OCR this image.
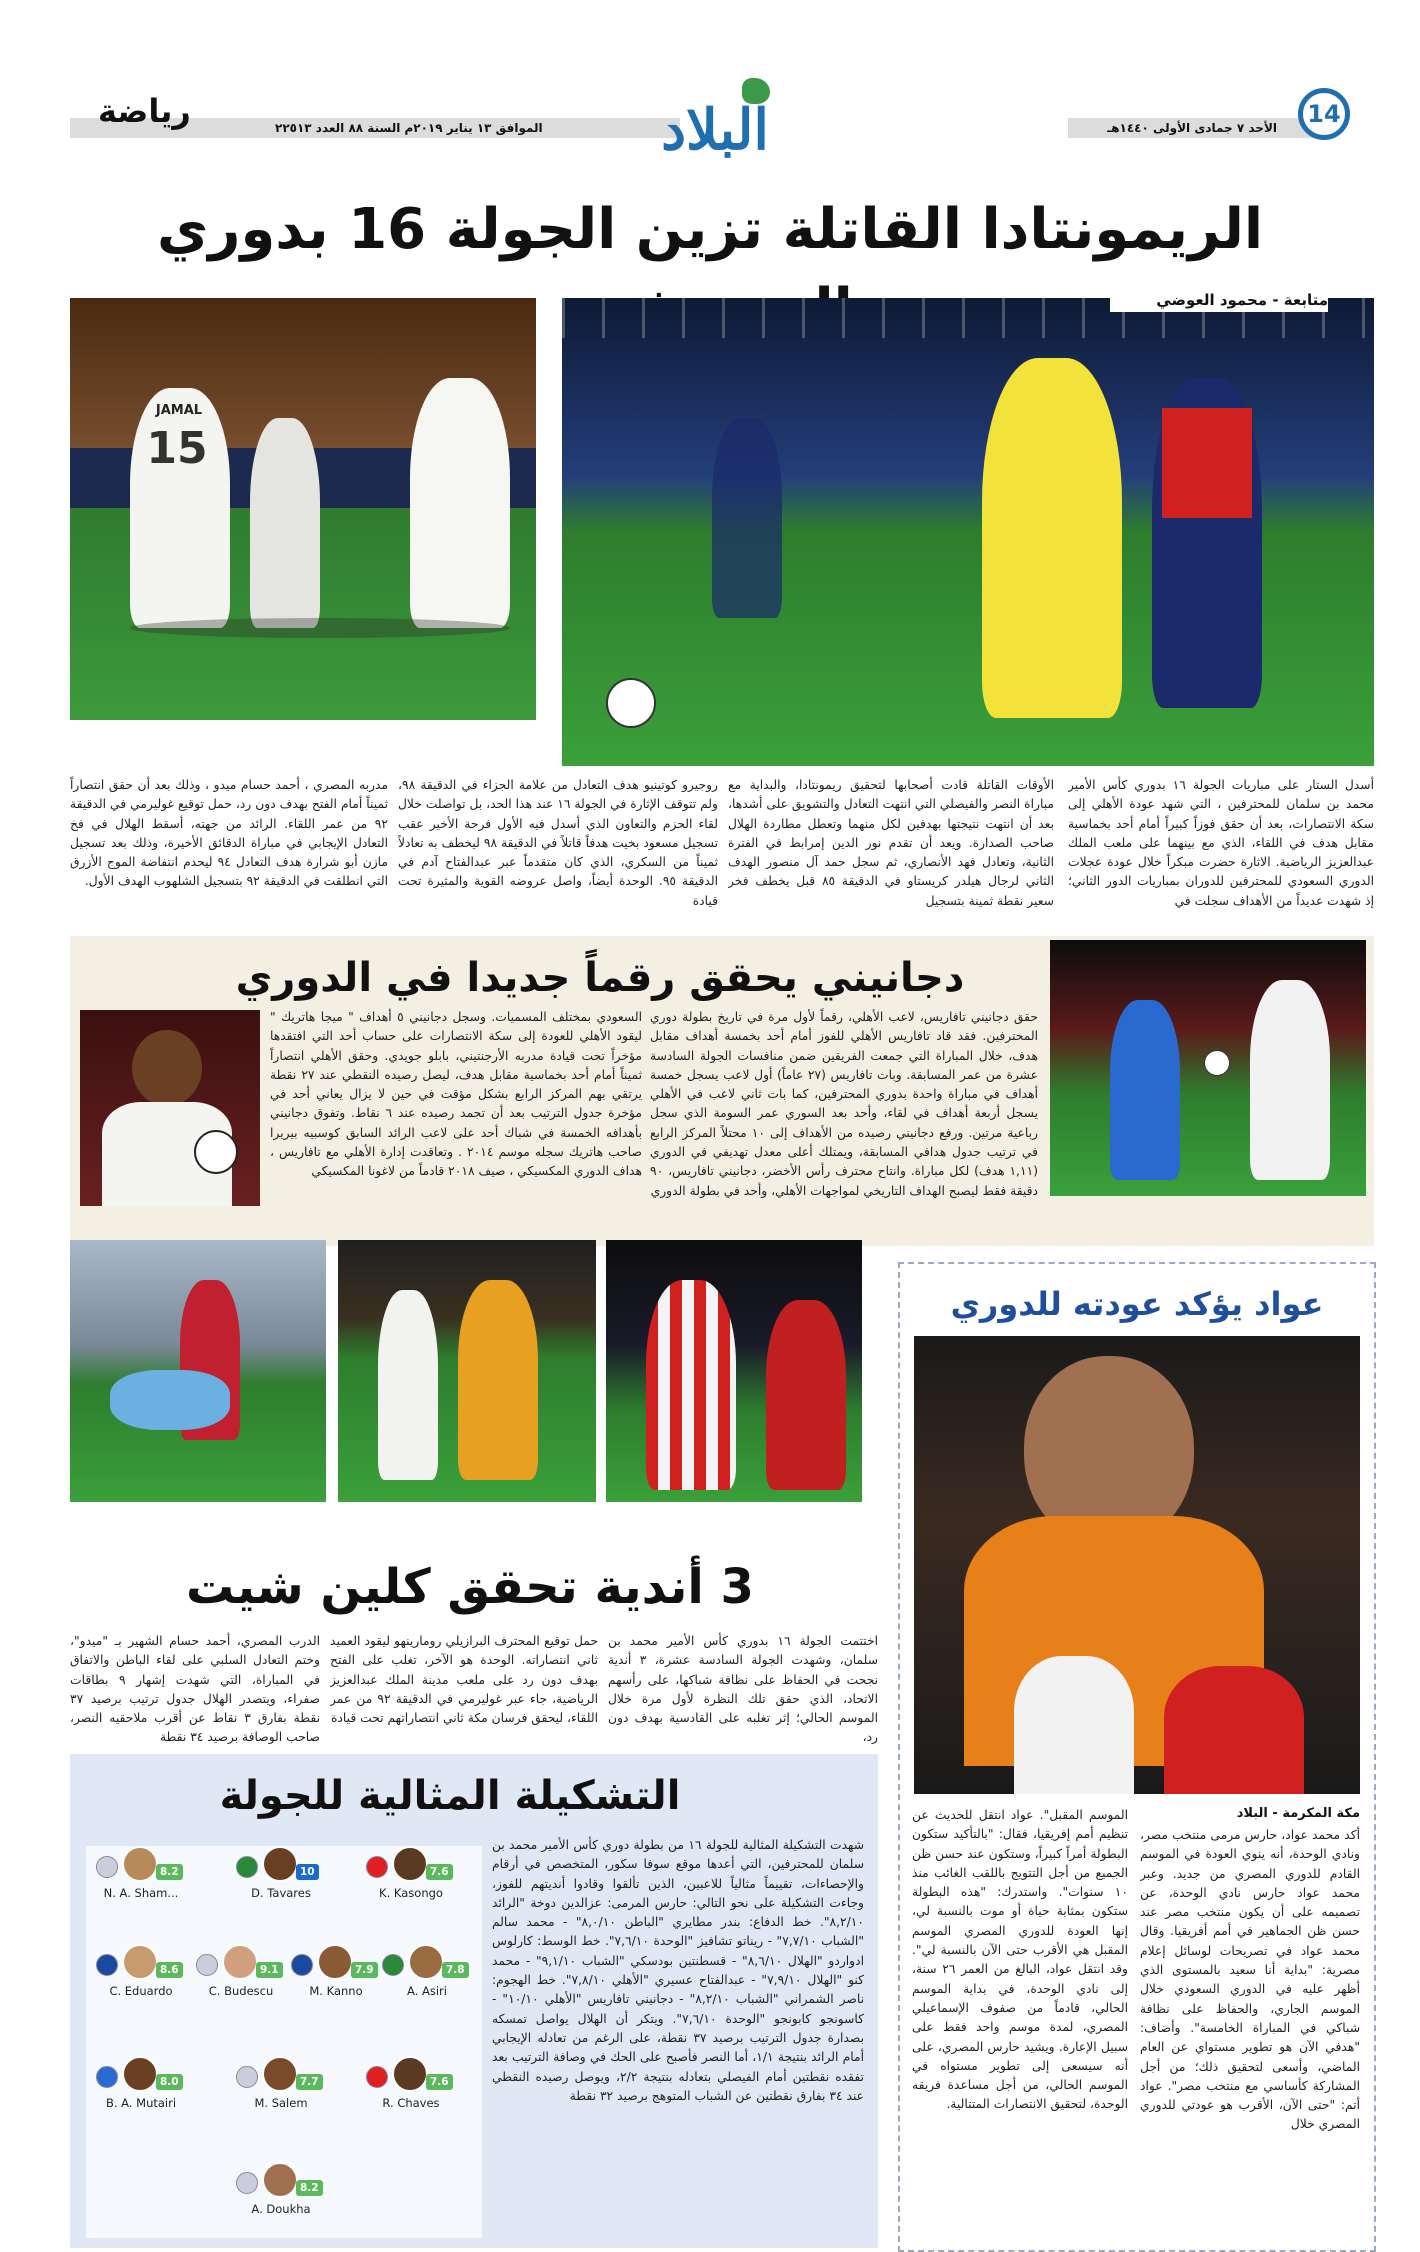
الأحد ٧ جمادى الأولى ١٤٤٠هـ	14
رياضة	الموافق ١٣ يناير ٢٠١٩م السنة ٨٨ العدد ٢٢٥١٣	البلاد
الريمونتادا القاتلة تزين الجولة 16 بدوري
JAMAL
15
متابعة - محمود العوضي
أسدل الستار على مباريات الجولة ١٦ بدوري كأس الأمير محمد بن سلمان للمحترفين ، التي شهد عودة الأهلي إلى سكة الانتصارات، بعد أن حقق فوزاً كبيراً أمام أحد بخماسية مقابل هدف في اللقاء، الذي مع بينهما على ملعب الملك عبدالعزيز الرياضية. الاثارة حضرت مبكراً خلال عودة عجلات الدوري السعودي للمحترفين للدوران بمباريات الدور الثاني؛ إذ شهدت عديداً من الأهداف سجلت في
الأوقات القاتلة قادت أصحابها لتحقيق ريمونتادا، والبداية مع مباراة النصر والفيصلي التي انتهت التعادل والتشويق على أشدها، بعد أن انتهت نتيجتها بهدفين لكل منهما وتعطل مطاردة الهلال صاحب الصدارة. ويعد أن تقدم نور الدين إمرابط في الفترة الثانية، وتعادل فهد الأنصاري، ثم سجل حمد آل منصور الهدف الثاني لرجال هيلدر كريستاو في الدقيقة ٨٥ قبل يخطف فخر سعير نقطة ثمينة بتسجيل
روجيرو كوتينيو هدف التعادل من علامة الجزاء في الدقيقة ٩٨، ولم تتوقف الإثارة في الجولة ١٦ عند هذا الحد، بل تواصلت خلال لقاء الحزم والتعاون الذي أسدل فيه الأول فرحة الأخير عقب تسجيل مسعود بخيت هدفاً قاتلاً في الدقيقة ٩٨ ليخطف به تعادلاً ثميناً من السكري، الذي كان متقدماً عبر عبدالفتاح آدم في الدقيقة ٩٥. الوحدة أيضاً، واصل عروضه القوية والمثيرة تحت قيادة
مدربه المصري ، أحمد حسام ميدو ، وذلك بعد أن حقق انتصاراً ثميناً أمام الفتح بهدف دون رد، حمل توقيع غوليرمي في الدقيقة ٩٢ من عمر اللقاء. الرائد من جهته، أسقط الهلال في فخ التعادل الإيجابي في مباراة الدقائق الأخيرة، وذلك بعد تسجيل مازن أبو شرارة هدف التعادل ٩٤ ليحدم انتفاضة الموج الأزرق التي انطلقت في الدقيقة ٩٢ بتسجيل الشلهوب الهدف الأول.
دجانيني يحقق رقماً جديدا في الدوري
حقق دجانيني تافاريس، لاعب الأهلي، رقماً لأول مرة في تاريخ بطولة دوري المحترفين. فقد قاد تافاريس الأهلي للفوز أمام أحد بخمسة أهداف مقابل هدف، خلال المباراة التي جمعت الفريقين ضمن منافسات الجولة السادسة عشرة من عمر المسابقة. وبات تافاريس (٢٧ عاماً) أول لاعب يسجل خمسة أهداف في مباراة واحدة بدوري المحترفين، كما بات ثاني لاعب في الأهلي يسجل أربعة أهداف في لقاء، وأحد بعد السوري عمر السومة الذي سجل رباعية مرتين. ورفع دجانيني رصيده من الأهداف إلى ١٠ محتلاً المركز الرابع في ترتيب جدول هدافي المسابقة، ويمتلك أعلى معدل تهديفي في الدوري (١,١١ هدف) لكل مباراة. وانتاح محترف رأس الأخضر، دجانيني تافاريس، ٩٠ دقيقة فقط ليصبح الهداف التاريخي لمواجهات الأهلي، وأحد في بطولة الدوري
السعودي بمختلف المسميات. وسجل دجانيني ٥ أهداف " ميجا هاتريك " ليقود الأهلي للعودة إلى سكة الانتصارات على حساب أحد التي افتقدها مؤخراً تحت قيادة مدربه الأرجنتيني، بابلو جويدي. وحقق الأهلي انتصاراً ثميناً أمام أحد بخماسية مقابل هدف، ليصل رصيده النقطي عند ٢٧ نقطة يرتقي بهم المركز الرابع بشكل مؤقت في حين لا يزال يعاني أحد في مؤخرة جدول الترتيب بعد أن تجمد رصيده عند ٦ نقاط. وتفوق دجانيني بأهدافه الخمسة في شباك أحد على لاعب الرائد السابق كوسبيه بيريرا صاحب هاتريك سجله موسم ٢٠١٤ . وتعاقدت إدارة الأهلي مع تافاريس ، هداف الدوري المكسيكي ، صيف ٢٠١٨ قادماً من لاغونا المكسيكي
3 أندية تحقق كلين شيت
اختتمت الجولة ١٦ بدوري كأس الأمير محمد بن سلمان، وشهدت الجولة السادسة عشرة، ٣ أندية نجحت في الحفاظ على نظافة شباكها، على رأسهم الاتحاد، الذي حقق تلك النظرة لأول مرة خلال الموسم الحالي؛ إثر تغلبه على القادسية بهدف دون رد،
حمل توقيع المحترف البرازيلي رومارينهو ليقود العميد ثاني انتصاراته. الوحدة هو الآخر، تغلب على الفتح بهدف دون رد على ملعب مدينة الملك عبدالعزيز الرياضية، جاء عبر غوليرمي في الدقيقة ٩٢ من عمر اللقاء، ليحقق فرسان مكة ثاني انتصاراتهم تحت قيادة
الدرب المصري، أحمد حسام الشهير بـ "ميدو"، وختم التعادل السلبي على لقاء الباطن والاتفاق في المباراة، التي شهدت إشهار ٩ بطاقات صفراء، ويتصدر الهلال جدول ترتيب برصيد ٣٧ نقطة بفارق ٣ نقاط عن أقرب ملاحقيه النصر، صاحب الوصافة برصيد ٣٤ نقطة
عواد يؤكد عودته للدوري
مكة المكرمة - البلاد
أكد محمد عواد، حارس مرمى منتخب مصر، ونادي الوحدة، أنه ينوي العودة في الموسم القادم للدوري المصري من جديد. وعبر محمد عواد حارس نادي الوحدة، عن تصميمه على أن يكون منتخب مصر عند حسن ظن الجماهير في أمم أفريقيا. وقال محمد عواد في تصريحات لوسائل إعلام مصرية: "بداية أنا سعيد بالمستوى الذي أظهر عليه في الدوري السعودي خلال الموسم الجاري، والحفاظ على نظافة شباكي في المباراة الخامسة". وأضاف: "هدفي الآن هو تطوير مستواي عن العام الماضي، وأسعى لتحقيق ذلك؛ من أجل المشاركة كأساسي مع منتخب مصر". عواد أتم: "حتى الآن، الأقرب هو عودتي للدوري المصري خلال
الموسم المقبل". عواد انتقل للحديث عن تنظيم أمم إفريقيا، فقال: "بالتأكيد ستكون البطولة أمراً كبيراً، وستكون عند حسن ظن الجميع من أجل التتويج باللقب الغائب منذ ١٠ سنوات". واستدرك: "هذه البطولة ستكون بمثابة حياة أو موت بالنسبة لي، إنها العودة للدوري المصري الموسم المقبل هي الأقرب حتى الآن بالنسبة لي". وقد انتقل عواد، البالغ من العمر ٢٦ سنة، إلى نادي الوحدة، في بداية الموسم الحالي، قادماً من صفوف الإسماعيلي المصري، لمدة موسم واحد فقط على سبيل الإعارة. ويشيد حارس المصري، على أنه سيسعى إلى تطوير مستواه في الموسم الحالي، من أجل مساعدة فريقه الوحدة، لتحقيق الانتصارات المتتالية.
التشكيلة المثالية للجولة
شهدت التشكيلة المثالية للجولة ١٦ من بطولة دوري كأس الأمير محمد بن سلمان للمحترفين، التي أعدها موقع سوفا سكور، المتخصص في أرقام والإحصاءات، تقييماً مثالياً للاعبين، الذين تألقوا وقادوا أنديتهم للفوز، وجاءت التشكيلة على نحو التالي: حارس المرمى: عزالدين دوخة "الرائد ٨,٢/١٠". خط الدفاع: بندر مطايري "الباطن ٨,٠/١٠" - محمد سالم "الشباب ٧,٧/١٠" - ريناتو تشافيز "الوحدة ٧,٦/١٠". خط الوسط: كارلوس ادواردو "الهلال ٨,٦/١٠" - قسطنتين بودسكي "الشباب ٩,١/١٠" - محمد كنو "الهلال ٧,٩/١٠" - عبدالفتاح عسيري "الأهلي ٧,٨/١٠". خط الهجوم: ناصر الشمراني "الشباب ٨,٢/١٠" - دجانيني تافاريس "الأهلي ١٠/١٠" - كاسونجو كابونجو "الوحدة ٧,٦/١٠". ويتكر أن الهلال يواصل تمسكه بصدارة جدول الترتيب برصيد ٣٧ نقطة، على الرغم من تعادله الإيجابي أمام الرائد بنتيجة ١/١، أما النصر فأصبح على الحك في وصافة الترتيب بعد تفقده نقطتين أمام الفيصلي بتعادله بنتيجة ٢/٢، ويوصل رصيده النقطي عند ٣٤ بفارق نقطتين عن الشباب المتوهج برصيد ٣٢ نقطة
8.2
N. A. Sham...
10
D. Tavares
7.6
K. Kasongo
8.6
C. Eduardo
9.1
C. Budescu
7.9
M. Kanno
7.8
A. Asiri
8.0
B. A. Mutairi
7.7
M. Salem
7.6
R. Chaves
8.2
A. Doukha
